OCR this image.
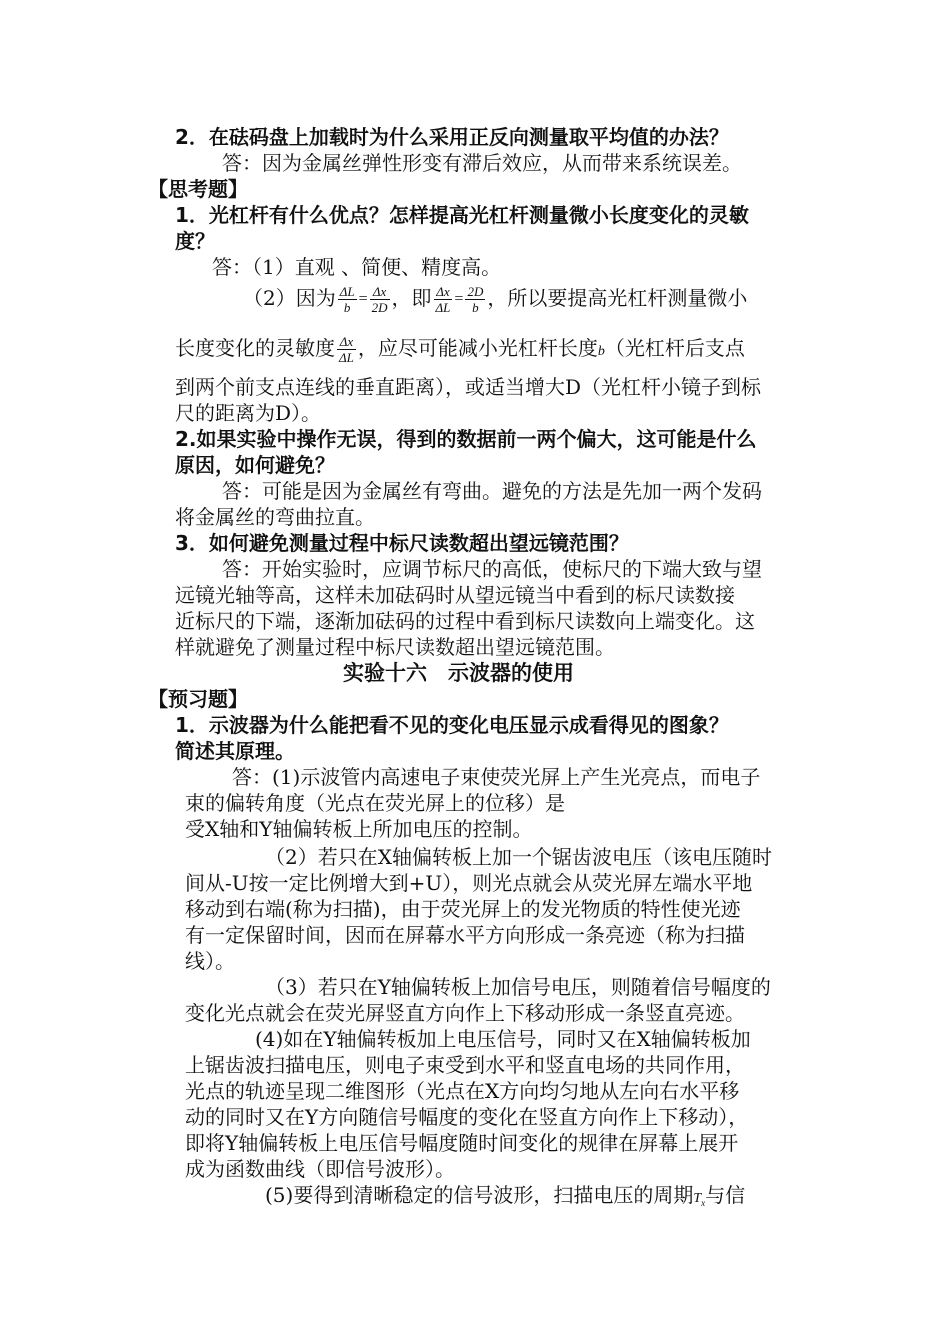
2．在砝码盘上加载时为什么采用正反向测量取平均值的办法？
答：因为金属丝弹性形变有滞后效应，从而带来系统误差。
【思考题】
1．光杠杆有什么优点？怎样提高光杠杆测量微小长度变化的灵敏
度？
答：（1）直观 、简便、精度高。
（2）因为 $\frac{\Delta L}{b} = \frac{\Delta x}{2D}$ ，即 $\frac{\Delta x}{\Delta L} = \frac{2D}{b}$ ，所以要提高光杠杆测量微小
长度变化的灵敏度 $\frac{\Delta x}{\Delta L}$ ，应尽可能减小光杠杆长度b（光杠杆后支点
到两个前支点连线的垂直距离），或适当增大D（光杠杆小镜子到标
尺的距离为D）。
2.如果实验中操作无误，得到的数据前一两个偏大，这可能是什么
原因，如何避免？
答：可能是因为金属丝有弯曲。避免的方法是先加一两个发码
将金属丝的弯曲拉直。
3．如何避免测量过程中标尺读数超出望远镜范围？
答：开始实验时，应调节标尺的高低，使标尺的下端大致与望
远镜光轴等高，这样未加砝码时从望远镜当中看到的标尺读数接
近标尺的下端，逐渐加砝码的过程中看到标尺读数向上端变化。这
样就避免了测量过程中标尺读数超出望远镜范围。
实验十六　示波器的使用
【预习题】
1．示波器为什么能把看不见的变化电压显示成看得见的图象？
简述其原理。
答：(1)示波管内高速电子束使荧光屏上产生光亮点，而电子
束的偏转角度（光点在荧光屏上的位移）是
受X轴和Y轴偏转板上所加电压的控制。
（2）若只在X轴偏转板上加一个锯齿波电压（该电压随时
间从-U按一定比例增大到+U），则光点就会从荧光屏左端水平地
移动到右端(称为扫描)，由于荧光屏上的发光物质的特性使光迹
有一定保留时间，因而在屏幕水平方向形成一条亮迹（称为扫描
线）。
（3）若只在Y轴偏转板上加信号电压，则随着信号幅度的
变化光点就会在荧光屏竖直方向作上下移动形成一条竖直亮迹。
(4)如在Y轴偏转板加上电压信号，同时又在X轴偏转板加
上锯齿波扫描电压，则电子束受到水平和竖直电场的共同作用，
光点的轨迹呈现二维图形（光点在X方向均匀地从左向右水平移
动的同时又在Y方向随信号幅度的变化在竖直方向作上下移动），
即将Y轴偏转板上电压信号幅度随时间变化的规律在屏幕上展开
成为函数曲线（即信号波形）。
(5)要得到清晰稳定的信号波形，扫描电压的周期$T_x$与信
